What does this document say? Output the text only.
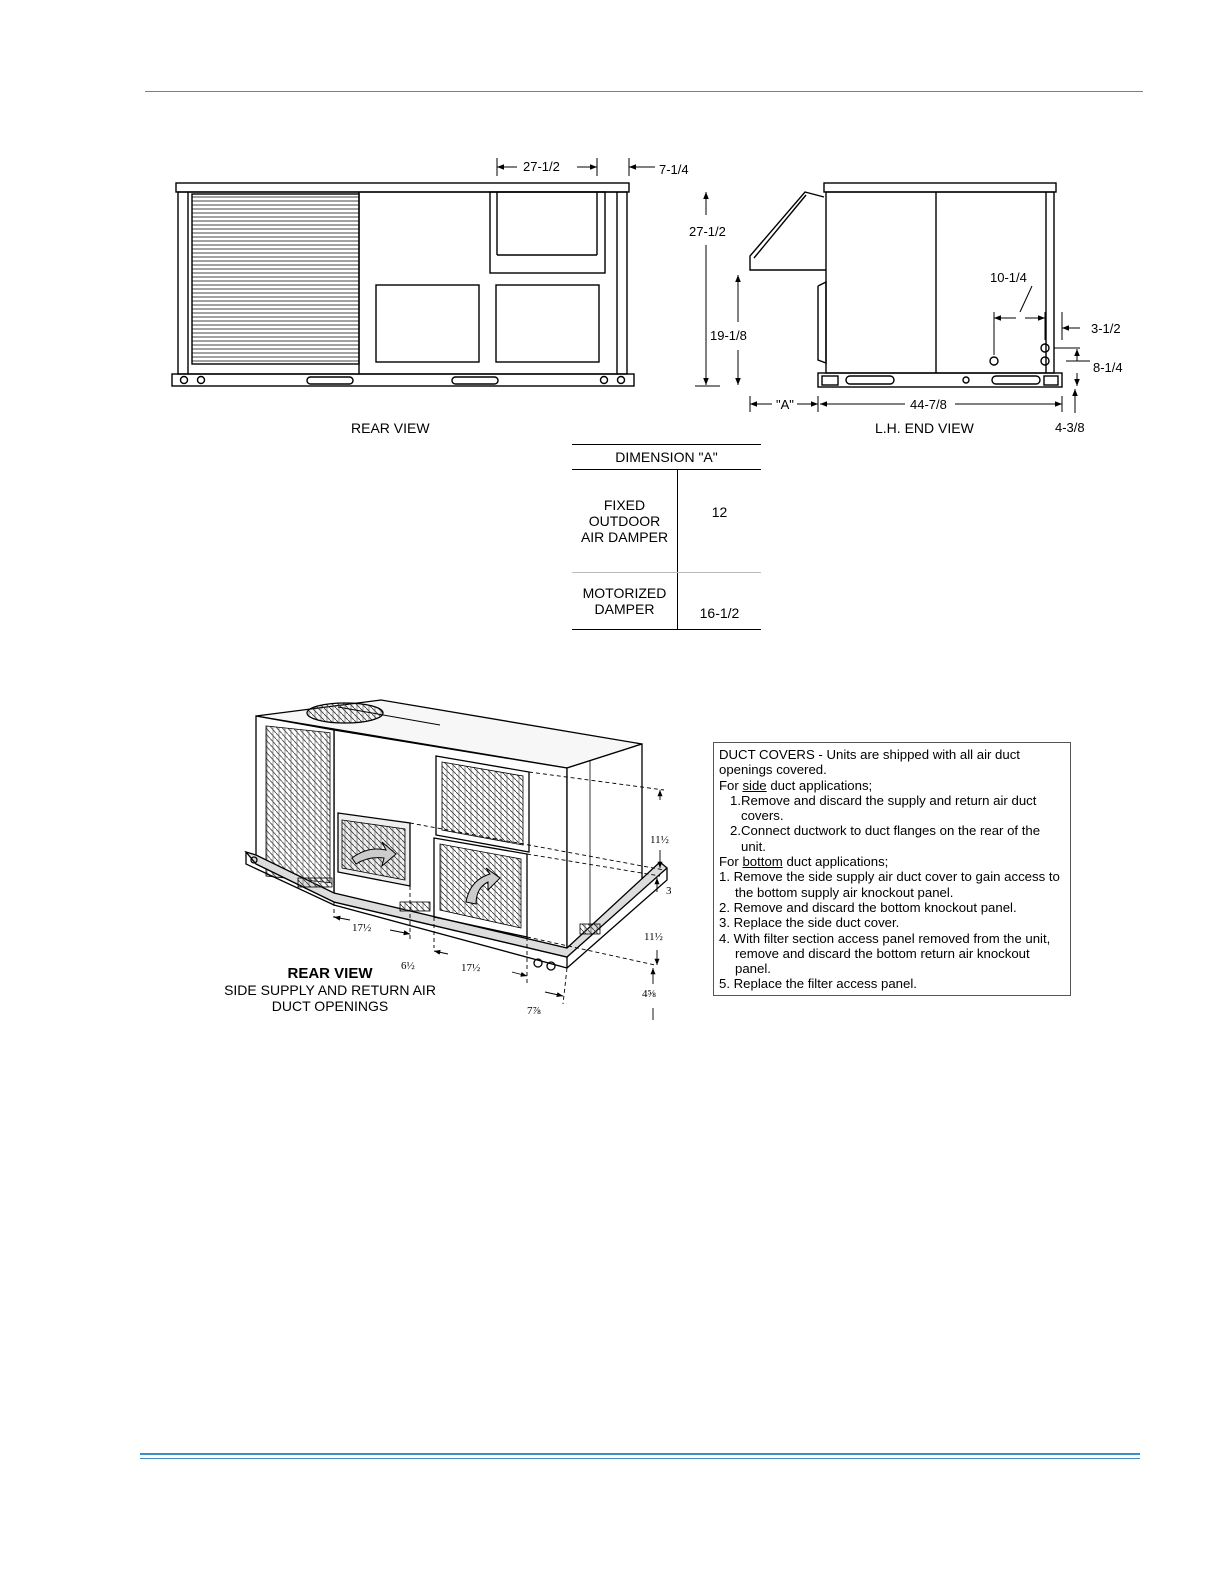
27-1/2	7-1/4
27-1/2
19-1/8
10-1/4
3-1/2
8-1/4
4-3/8
"A"	44-7/8
REAR VIEW	L.H. END VIEW
17½
6½	17½
7⅞
11½
3
11½
4⅝
DIMENSION "A"	

FIXED
OUTDOOR
AIR DAMPER	12

MOTORIZED
DAMPER	16-1/2
REAR VIEW
SIDE SUPPLY AND RETURN AIR
DUCT OPENINGS

DUCT COVERS - Units are shipped with all air duct openings covered.

For side duct applications;

1.Remove and discard the supply and return air duct covers.

2.Connect ductwork to duct flanges on the rear of the unit.

For bottom duct applications;

1. Remove the side supply air duct cover to gain access to the bottom supply air knockout panel.

2. Remove and discard the bottom knockout panel.

3. Replace the side duct cover.

4. With filter section access panel removed from the unit, remove and discard the bottom return air knockout panel.

5. Replace the filter access panel.
